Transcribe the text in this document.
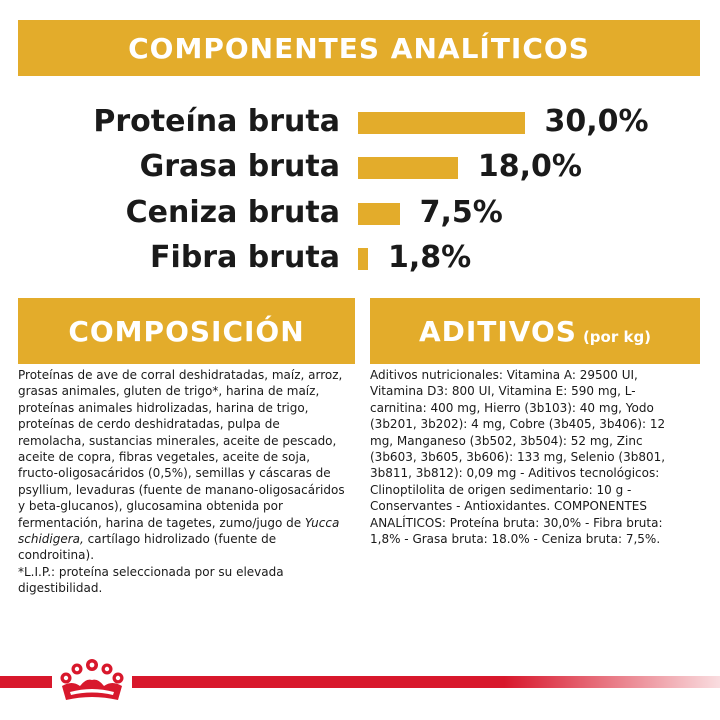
COMPONENTES ANALÍTICOS
Proteína bruta	30,0%
Grasa bruta	18,0%
Ceniza bruta	7,5%
Fibra bruta 1,8%
COMPOSICIÓN	ADITIVOS (por kg)
Proteínas de ave de corral deshidratadas, maíz, arroz, grasas animales, gluten de trigo*, harina de maíz, proteínas animales hidrolizadas, harina de trigo, proteínas de cerdo deshidratadas, pulpa de remolacha, sustancias minerales, aceite de pescado, aceite de copra, fibras vegetales, aceite de soja, fructo-oligosacáridos (0,5%), semillas y cáscaras de psyllium, levaduras (fuente de manano-oligosacáridos y beta-glucanos), glucosamina obtenida por fermentación, harina de tagetes, zumo/jugo de Yucca schidigera, cartílago hidrolizado (fuente de condroitina).
*L.I.P.: proteína seleccionada por su elevada digestibilidad.
Aditivos nutricionales: Vitamina A: 29500 UI, Vitamina D3: 800 UI, Vitamina E: 590 mg, L-carnitina: 400 mg, Hierro (3b103): 40 mg, Yodo (3b201, 3b202): 4 mg, Cobre (3b405, 3b406): 12 mg, Manganeso (3b502, 3b504): 52 mg, Zinc (3b603, 3b605, 3b606): 133 mg, Selenio (3b801, 3b811, 3b812): 0,09 mg - Aditivos tecnológicos: Clinoptilolita de origen sedimentario: 10 g - Conservantes - Antioxidantes. COMPONENTES ANALÍTICOS: Proteína bruta: 30,0% - Fibra bruta: 1,8% - Grasa bruta: 18.0% - Ceniza bruta: 7,5%.
